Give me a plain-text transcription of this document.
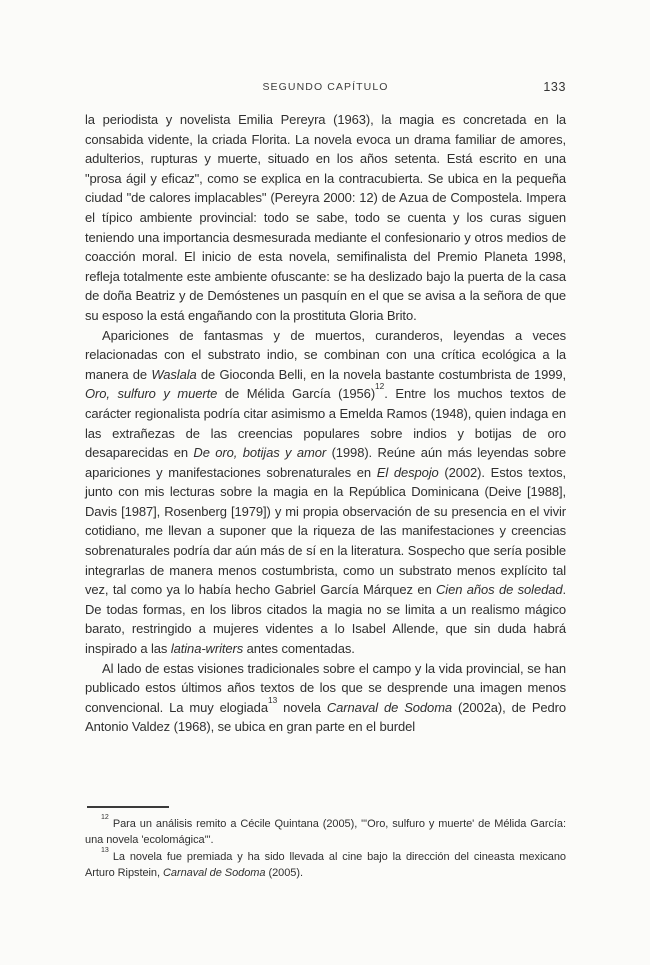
SEGUNDO CAPÍTULO	133

la periodista y novelista Emilia Pereyra (1963), la magia es concretada en la consabida vidente, la criada Florita. La novela evoca un drama familiar de amores, adulterios, rupturas y muerte, situado en los años setenta. Está escrito en una "prosa ágil y eficaz", como se explica en la contracubierta. Se ubica en la pequeña ciudad "de calores implacables" (Pereyra 2000: 12) de Azua de Compostela. Impera el típico ambiente provincial: todo se sabe, todo se cuenta y los curas siguen teniendo una importancia desmesurada mediante el confesionario y otros medios de coacción moral. El inicio de esta novela, semifinalista del Premio Planeta 1998, refleja totalmente este ambiente ofuscante: se ha deslizado bajo la puerta de la casa de doña Beatriz y de Demóstenes un pasquín en el que se avisa a la señora de que su esposo la está engañando con la prostituta Gloria Brito.

Apariciones de fantasmas y de muertos, curanderos, leyendas a veces relacionadas con el substrato indio, se combinan con una crítica ecológica a la manera de Waslala de Gioconda Belli, en la novela bastante costumbrista de 1999, Oro, sulfuro y muerte de Mélida García $(1956)^{12}$. Entre los muchos textos de carácter regionalista podría citar asimismo a Emelda Ramos (1948), quien indaga en las extrañezas de las creencias populares sobre indios y botijas de oro desaparecidas en De oro, botijas y amor (1998). Reúne aún más leyendas sobre apariciones y manifestaciones sobrenaturales en El despojo (2002). Estos textos, junto con mis lecturas sobre la magia en la República Dominicana (Deive [1988], Davis [1987], Rosenberg [1979]) y mi propia observación de su presencia en el vivir cotidiano, me llevan a suponer que la riqueza de las manifestaciones y creencias sobrenaturales podría dar aún más de sí en la literatura. Sospecho que sería posible integrarlas de manera menos costumbrista, como un substrato menos explícito tal vez, tal como ya lo había hecho Gabriel García Márquez en Cien años de soledad. De todas formas, en los libros citados la magia no se limita a un realismo mágico barato, restringido a mujeres videntes a lo Isabel Allende, que sin duda habrá inspirado a las latina-writers antes comentadas.

Al lado de estas visiones tradicionales sobre el campo y la vida provincial, se han publicado estos últimos años textos de los que se desprende una imagen menos convencional. La muy elogiada$^{13}$ novela Carnaval de Sodoma (2002a), de Pedro Antonio Valdez (1968), se ubica en gran parte en el burdel

$^{12}$Para un análisis remito a Cécile Quintana (2005), "'Oro, sulfuro y muerte' de Mélida García: una novela 'ecolomágica'".

$^{13}$La novela fue premiada y ha sido llevada al cine bajo la dirección del cineasta mexicano Arturo Ripstein, Carnaval de Sodoma (2005).
